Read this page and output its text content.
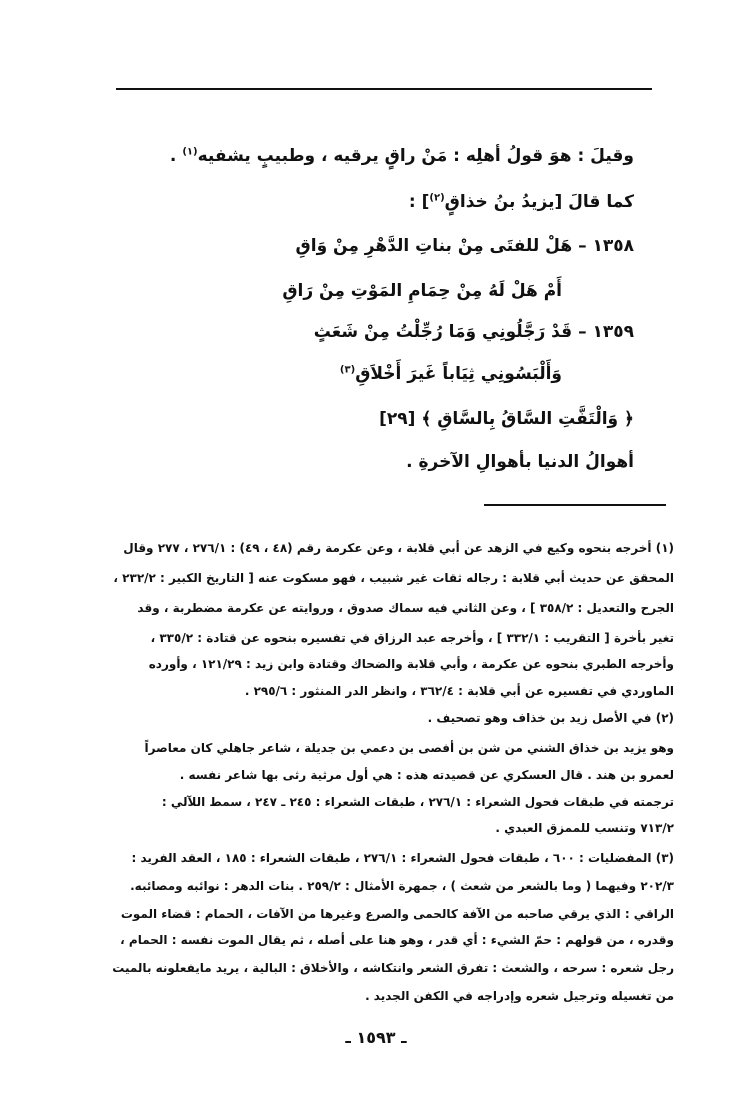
وقيلَ : هوَ قولُ أهلِه : مَنْ راقٍ يرقيه ، وطبيبٍ يشفيه$^{(١)}$ .
كما قالَ [يزيدُ بنُ خذاقٍ$^{(٢)}$] :
١٣٥٨ – هَلْ للفتَى مِنْ بناتِ الدَّهْرِ مِنْ وَاقِ
أَمْ هَلْ لَهُ مِنْ حِمَامِ المَوْتِ مِنْ رَاقِ
١٣٥٩ – قَدْ رَجَّلُونِي وَمَا رُجِّلْتُ مِنْ شَعَثٍ
وَأَلْبَسُونِي ثِيَاباً غَيرَ أَخْلاَقِ$^{(٣)}$
﴿ وَالْتَفَّتِ السَّاقُ بِالسَّاقِ ﴾ [٢٩]
أهوالُ الدنيا بأهوالِ الآخرةِ .
(١) أخرجه بنحوه وكيع في الزهد عن أبي قلابة ، وعن عكرمة رقم (٤٨ ، ٤٩) : ٢٧٦/١ ، ٢٧٧ وقال
المحقق عن حديث أبي قلابة : رجاله ثقات غير شبيب ، فهو مسكوت عنه [ التاريخ الكبير : ٢٣٢/٢ ،
الجرح والتعديل : ٣٥٨/٢ ] ، وعن الثاني فيه سماك صدوق ، وروايته عن عكرمة مضطربة ، وقد
تغير بأخرة [ التقريب : ٣٣٢/١ ] ، وأخرجه عبد الرزاق في تفسيره بنحوه عن قتادة : ٣٣٥/٢ ،
وأخرجه الطبري بنحوه عن عكرمة ، وأبي قلابة والضحاك وقتادة وابن زيد : ١٢١/٢٩ ، وأورده
الماوردي في تفسيره عن أبي قلابة : ٣٦٢/٤ ، وانظر الدر المنثور : ٢٩٥/٦ .
(٢) في الأصل زيد بن خذاف وهو تصحيف .
وهو يزيد بن خذاق الشني من شن بن أفصى بن دعمي بن جديلة ، شاعر جاهلي كان معاصراً
لعمرو بن هند . قال العسكري عن قصيدته هذه : هي أول مرثية رثى بها شاعر نفسه .
ترجمته في طبقات فحول الشعراء : ٢٧٦/١ ، طبقات الشعراء : ٢٤٥ ـ ٢٤٧ ، سمط اللآلي :
٧١٣/٢ وتنسب للممزق العبدي .
(٣) المفضليات : ٦٠٠ ، طبقات فحول الشعراء : ٢٧٦/١ ، طبقات الشعراء : ١٨٥ ، العقد الفريد :
٢٠٢/٣ وفيهما ( وما بالشعر من شعث ) ، جمهرة الأمثال : ٢٥٩/٢ . بنات الدهر : نوائبه ومصائبه.
الراقي : الذي يرقي صاحبه من الآفة كالحمى والصرع وغيرها من الآفات ، الحمام : قضاء الموت
وقدره ، من قولهم : حمّ الشيء : أي قدر ، وهو هنا على أصله ، ثم يقال الموت نفسه : الحمام ،
رجل شعره : سرحه ، والشعث : تفرق الشعر وانتكاشه ، والأخلاق : البالية ، يريد مايفعلونه بالميت
من تغسيله وترجيل شعره وإدراجه في الكفن الجديد .
ـ ١٥٩٣ ـ
